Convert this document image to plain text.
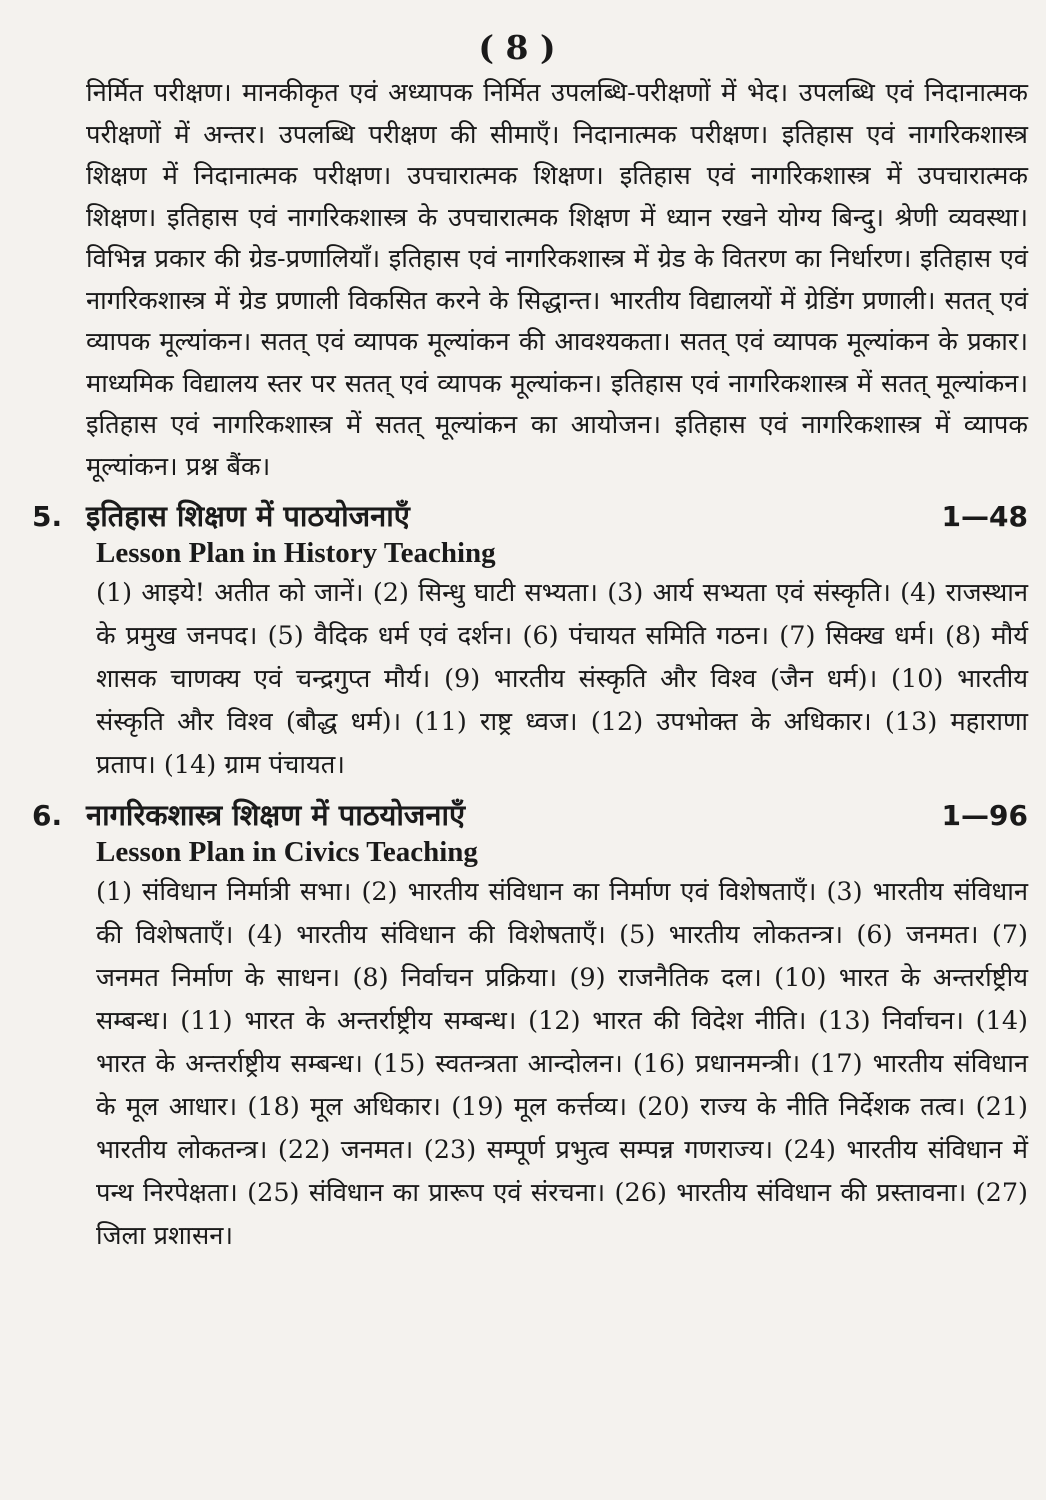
( 8 )

निर्मित परीक्षण। मानकीकृत एवं अध्यापक निर्मित उपलब्धि-परीक्षणों में भेद। उपलब्धि एवं निदानात्मक परीक्षणों में अन्तर। उपलब्धि परीक्षण की सीमाएँ। निदानात्मक परीक्षण। इतिहास एवं नागरिकशास्त्र शिक्षण में निदानात्मक परीक्षण। उपचारात्मक शिक्षण। इतिहास एवं नागरिकशास्त्र में उपचारात्मक शिक्षण। इतिहास एवं नागरिकशास्त्र के उपचारात्मक शिक्षण में ध्यान रखने योग्य बिन्दु। श्रेणी व्यवस्था। विभिन्न प्रकार की ग्रेड-प्रणालियाँ। इतिहास एवं नागरिकशास्त्र में ग्रेड के वितरण का निर्धारण। इतिहास एवं नागरिकशास्त्र में ग्रेड प्रणाली विकसित करने के सिद्धान्त। भारतीय विद्यालयों में ग्रेडिंग प्रणाली। सतत् एवं व्यापक मूल्यांकन। सतत् एवं व्यापक मूल्यांकन की आवश्यकता। सतत् एवं व्यापक मूल्यांकन के प्रकार। माध्यमिक विद्यालय स्तर पर सतत् एवं व्यापक मूल्यांकन। इतिहास एवं नागरिकशास्त्र में सतत् मूल्यांकन। इतिहास एवं नागरिकशास्त्र में सतत् मूल्यांकन का आयोजन। इतिहास एवं नागरिकशास्त्र में व्यापक मूल्यांकन। प्रश्न बैंक।

5. इतिहास शिक्षण में पाठयोजनाएँ	1—48
Lesson Plan in History Teaching

(1) आइये! अतीत को जानें। (2) सिन्धु घाटी सभ्यता। (3) आर्य सभ्यता एवं संस्कृति। (4) राजस्थान के प्रमुख जनपद। (5) वैदिक धर्म एवं दर्शन। (6) पंचायत समिति गठन। (7) सिक्ख धर्म। (8) मौर्य शासक चाणक्य एवं चन्द्रगुप्त मौर्य। (9) भारतीय संस्कृति और विश्व (जैन धर्म)। (10) भारतीय संस्कृति और विश्व (बौद्ध धर्म)। (11) राष्ट्र ध्वज। (12) उपभोक्त के अधिकार। (13) महाराणा प्रताप। (14) ग्राम पंचायत।

6. नागरिकशास्त्र शिक्षण में पाठयोजनाएँ	1—96
Lesson Plan in Civics Teaching

(1) संविधान निर्मात्री सभा। (2) भारतीय संविधान का निर्माण एवं विशेषताएँ। (3) भारतीय संविधान की विशेषताएँ। (4) भारतीय संविधान की विशेषताएँ। (5) भारतीय लोकतन्त्र। (6) जनमत। (7) जनमत निर्माण के साधन। (8) निर्वाचन प्रक्रिया। (9) राजनैतिक दल। (10) भारत के अन्तर्राष्ट्रीय सम्बन्ध। (11) भारत के अन्तर्राष्ट्रीय सम्बन्ध। (12) भारत की विदेश नीति। (13) निर्वाचन। (14) भारत के अन्तर्राष्ट्रीय सम्बन्ध। (15) स्वतन्त्रता आन्दोलन। (16) प्रधानमन्त्री। (17) भारतीय संविधान के मूल आधार। (18) मूल अधिकार। (19) मूल कर्त्तव्य। (20) राज्य के नीति निर्देशक तत्व। (21) भारतीय लोकतन्त्र। (22) जनमत। (23) सम्पूर्ण प्रभुत्व सम्पन्न गणराज्य। (24) भारतीय संविधान में पन्थ निरपेक्षता। (25) संविधान का प्रारूप एवं संरचना। (26) भारतीय संविधान की प्रस्तावना। (27) जिला प्रशासन।
